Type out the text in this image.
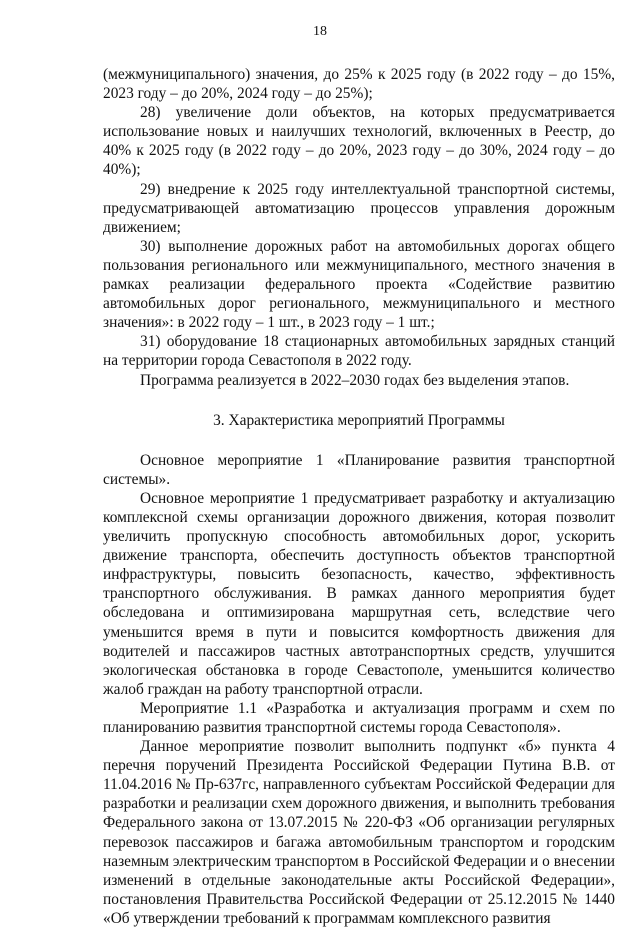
18

(межмуниципального) значения, до 25% к 2025 году (в 2022 году – до 15%, 2023 году – до 20%, 2024 году – до 25%);

28) увеличение доли объектов, на которых предусматривается использование новых и наилучших технологий, включенных в Реестр, до 40% к 2025 году (в 2022 году – до 20%, 2023 году – до 30%, 2024 году – до 40%);

29) внедрение к 2025 году интеллектуальной транспортной системы, предусматривающей автоматизацию процессов управления дорожным движением;

30) выполнение дорожных работ на автомобильных дорогах общего пользования регионального или межмуниципального, местного значения в рамках реализации федерального проекта «Содействие развитию автомобильных дорог регионального, межмуниципального и местного значения»: в 2022 году – 1 шт., в 2023 году – 1 шт.;

31) оборудование 18 стационарных автомобильных зарядных станций на территории города Севастополя в 2022 году.

Программа реализуется в 2022–2030 годах без выделения этапов.

3. Характеристика мероприятий Программы

Основное мероприятие 1 «Планирование развития транспортной системы».

Основное мероприятие 1 предусматривает разработку и актуализацию комплексной схемы организации дорожного движения, которая позволит увеличить пропускную способность автомобильных дорог, ускорить движение транспорта, обеспечить доступность объектов транспортной инфраструктуры, повысить безопасность, качество, эффективность транспортного обслуживания. В рамках данного мероприятия будет обследована и оптимизирована маршрутная сеть, вследствие чего уменьшится время в пути и повысится комфортность движения для водителей и пассажиров частных автотранспортных средств, улучшится экологическая обстановка в городе Севастополе, уменьшится количество жалоб граждан на работу транспортной отрасли.

Мероприятие 1.1 «Разработка и актуализация программ и схем по планированию развития транспортной системы города Севастополя».

Данное мероприятие позволит выполнить подпункт «б» пункта 4 перечня поручений Президента Российской Федерации Путина В.В. от 11.04.2016 № Пр-637гс, направленного субъектам Российской Федерации для разработки и реализации схем дорожного движения, и выполнить требования Федерального закона от 13.07.2015 № 220-ФЗ «Об организации регулярных перевозок пассажиров и багажа автомобильным транспортом и городским наземным электрическим транспортом в Российской Федерации и о внесении изменений в отдельные законодательные акты Российской Федерации», постановления Правительства Российской Федерации от 25.12.2015 № 1440 «Об утверждении требований к программам комплексного развития
